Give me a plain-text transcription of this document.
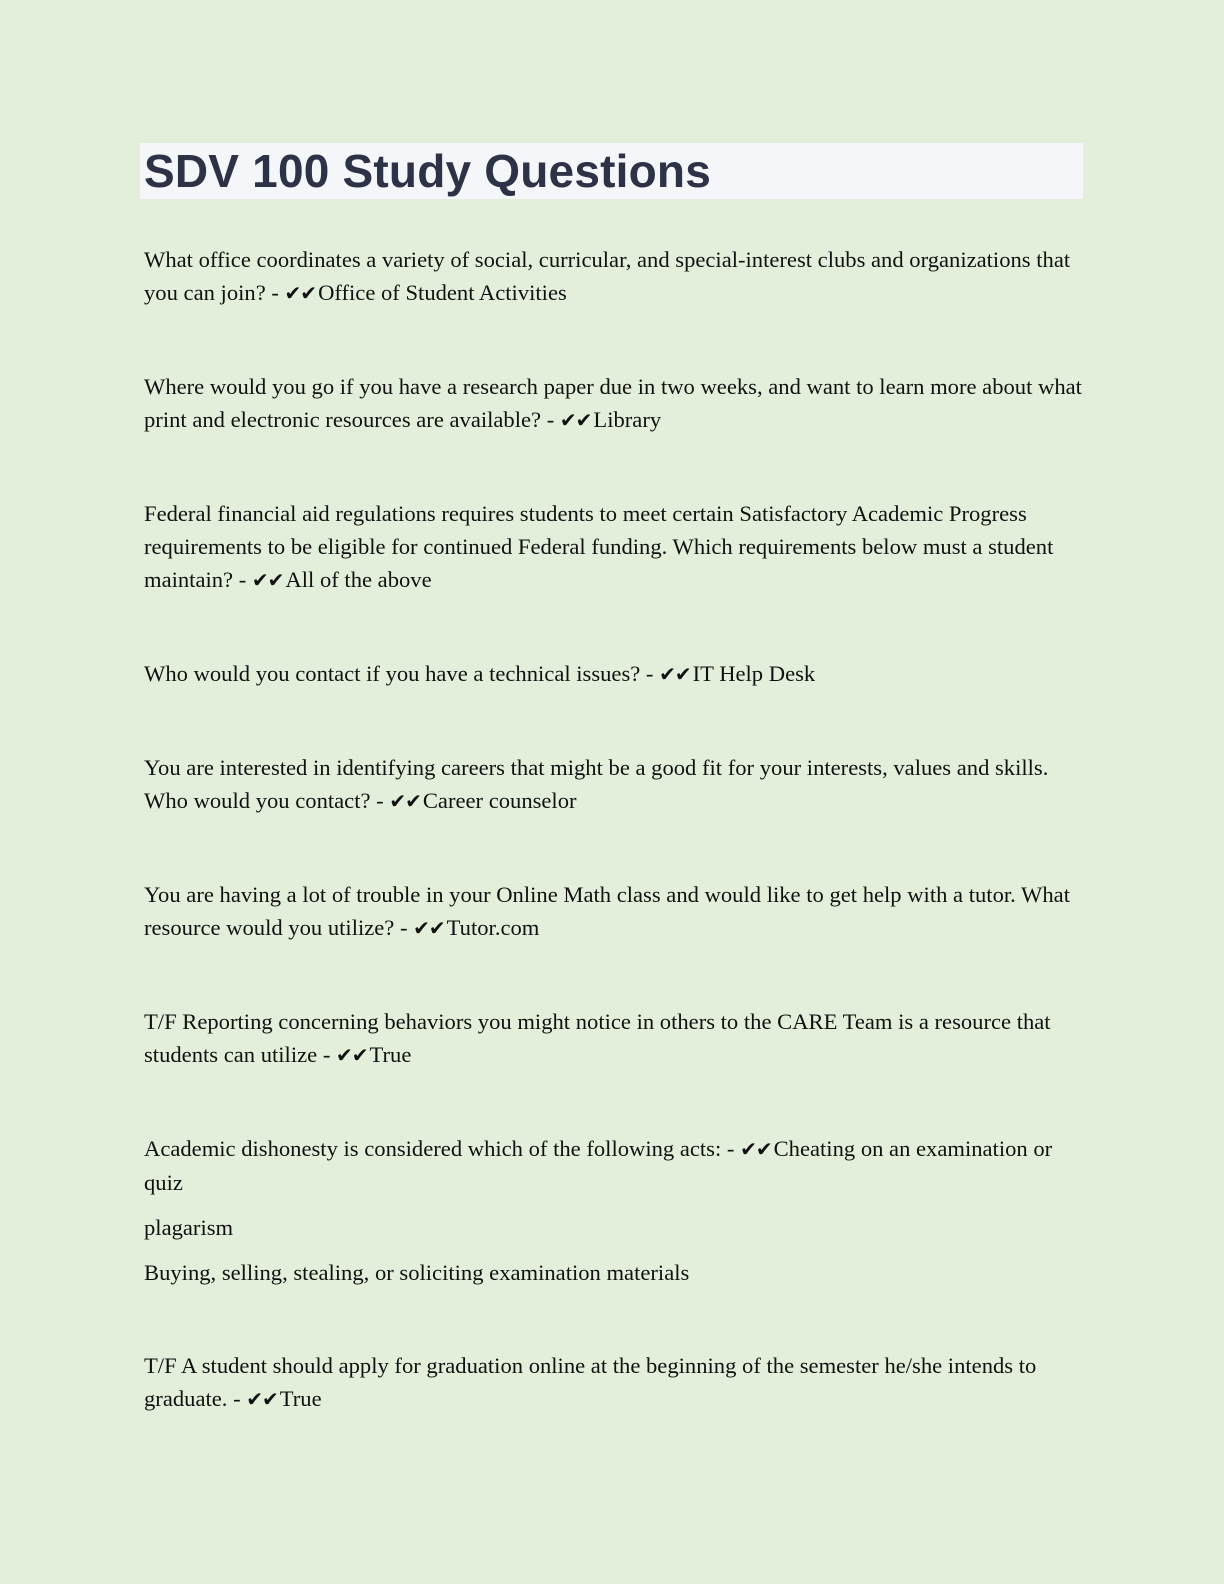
SDV 100 Study Questions

What office coordinates a variety of social, curricular, and special-interest clubs and organizations that you can join? - ✔✔Office of Student Activities

Where would you go if you have a research paper due in two weeks, and want to learn more about what print and electronic resources are available? - ✔✔Library

Federal financial aid regulations requires students to meet certain Satisfactory Academic Progress requirements to be eligible for continued Federal funding. Which requirements below must a student maintain? - ✔✔All of the above

Who would you contact if you have a technical issues? - ✔✔IT Help Desk

You are interested in identifying careers that might be a good fit for your interests, values and skills. Who would you contact? - ✔✔Career counselor

You are having a lot of trouble in your Online Math class and would like to get help with a tutor. What resource would you utilize? - ✔✔Tutor.com

T/F Reporting concerning behaviors you might notice in others to the CARE Team is a resource that students can utilize - ✔✔True

Academic dishonesty is considered which of the following acts: - ✔✔Cheating on an examination or quiz

plagarism

Buying, selling, stealing, or soliciting examination materials

T/F A student should apply for graduation online at the beginning of the semester he/she intends to graduate. - ✔✔True
